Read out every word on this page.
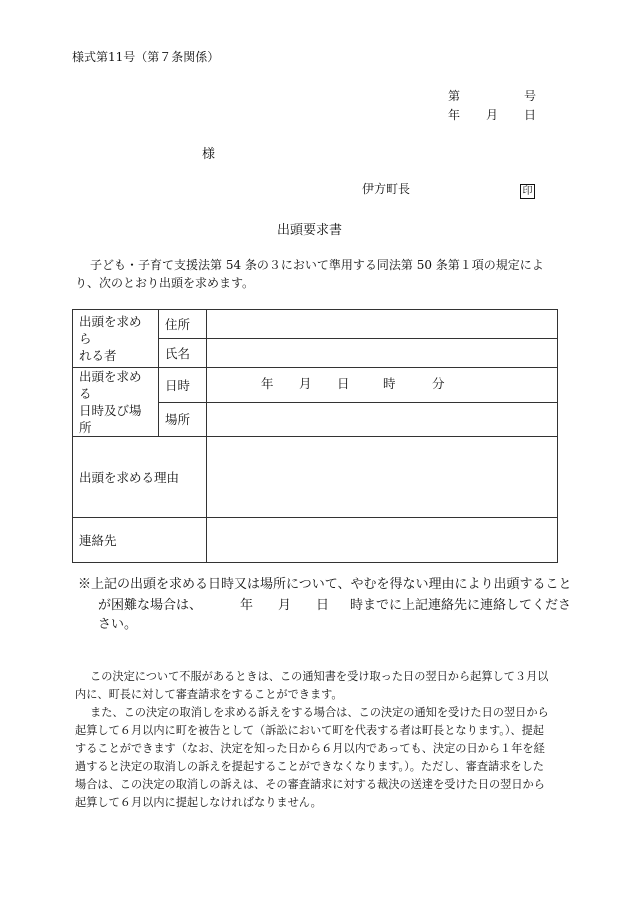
様式第11号（第７条関係）
第	号
年 月 日
様
伊方町長	印
出頭要求書
子ども・子育て支援法第 54 条の３において準用する同法第 50 条第１項の規定によ
り、次のとおり出頭を求めます。
出頭を求めら
れる者	住所	
	氏名	
出頭を求める
日時及び場所	日時	年 月 日 時 分

	場所	
出頭を求める理由		
連絡先		
※上記の出頭を求める日時又は場所について、やむを得ない理由により出頭すること
が困難な場合は、	年 月 日 時までに上記連絡先に連絡してくださ
さい。
この決定について不服があるときは、この通知書を受け取った日の翌日から起算して３月以
内に、町長に対して審査請求をすることができます。
また、この決定の取消しを求める訴えをする場合は、この決定の通知を受けた日の翌日から
起算して６月以内に町を被告として（訴訟において町を代表する者は町長となります。）、提起
することができます（なお、決定を知った日から６月以内であっても、決定の日から１年を経
過すると決定の取消しの訴えを提起することができなくなります。）。ただし、審査請求をした
場合は、この決定の取消しの訴えは、その審査請求に対する裁決の送達を受けた日の翌日から
起算して６月以内に提起しなければなりません。
